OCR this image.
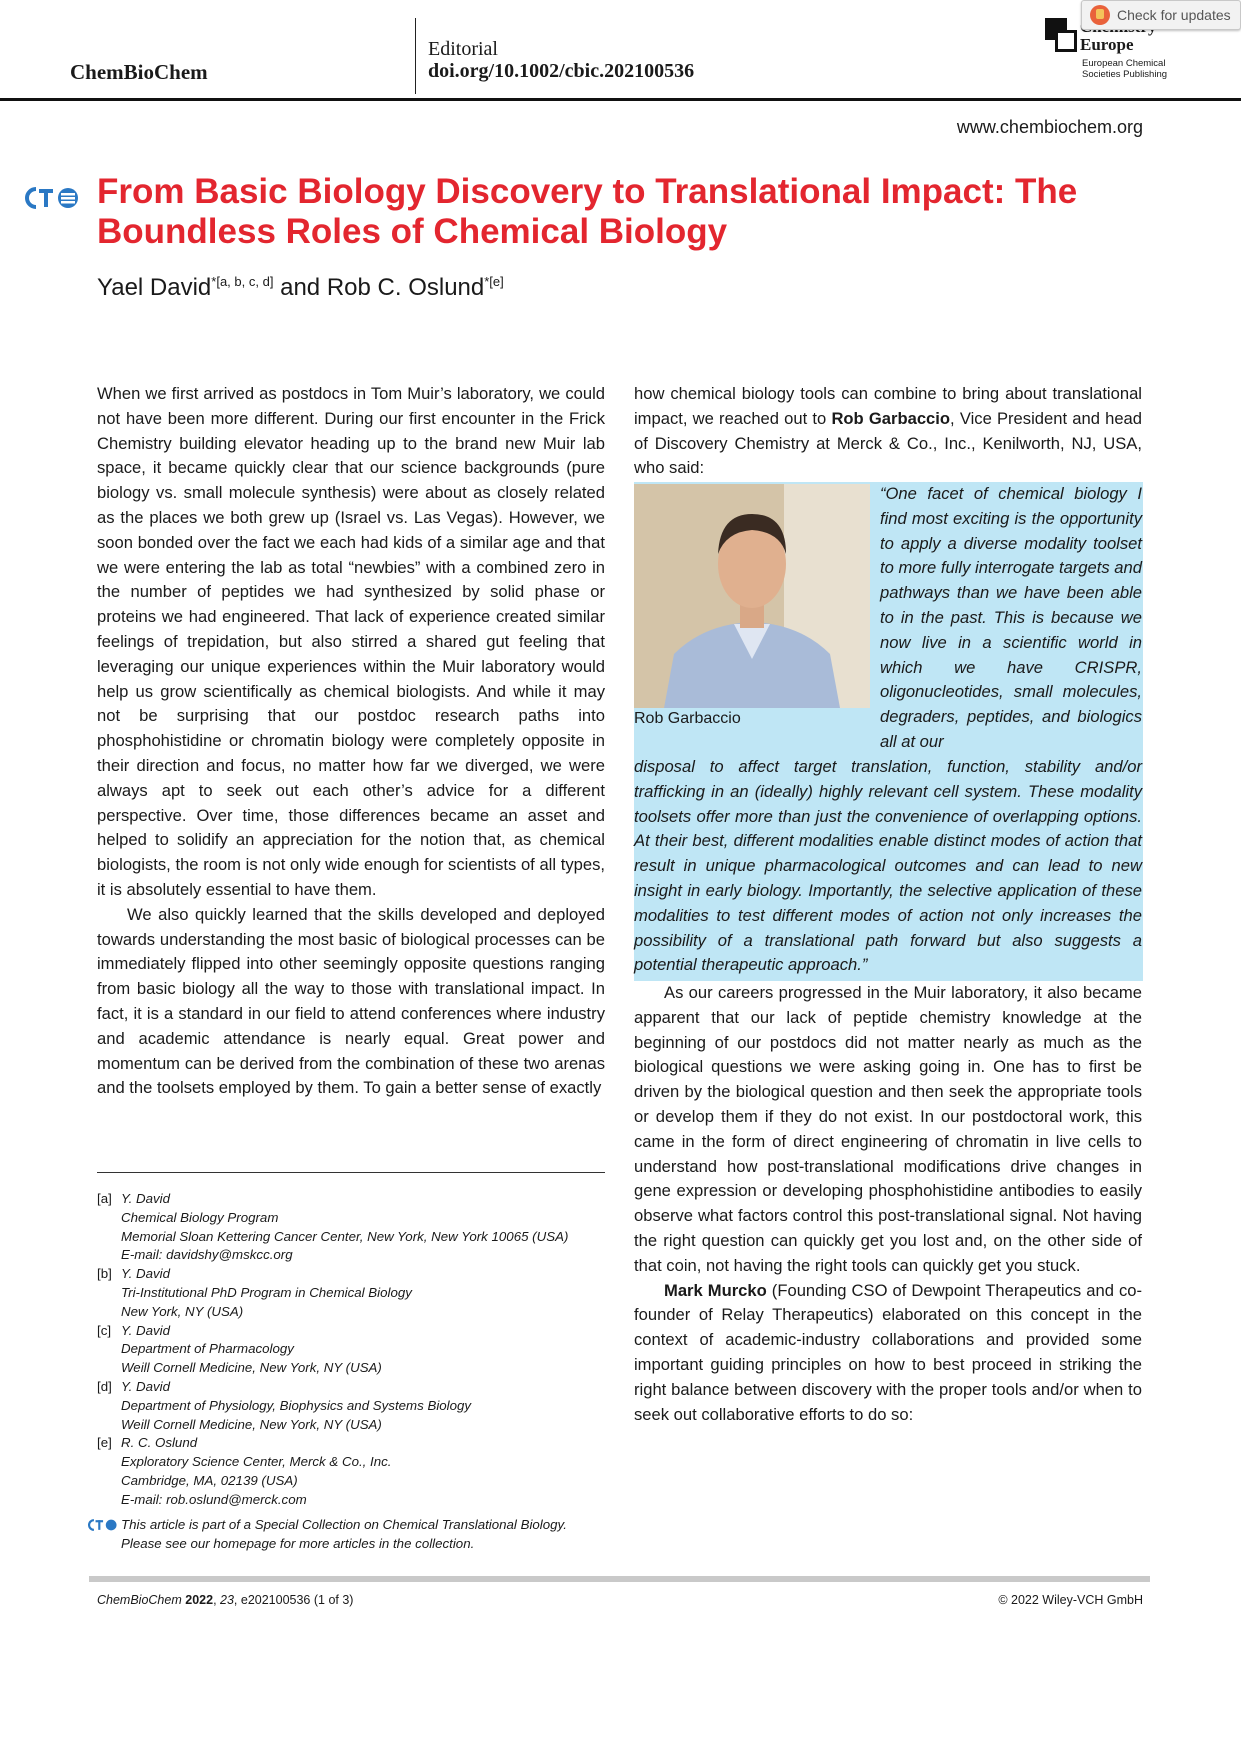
ChemBioChem
Editorial
doi.org/10.1002/cbic.202100536

Europe
European Chemical
Societies Publishing
Check for updates
www.chembiochem.org
From Basic Biology Discovery to Translational Impact: The Boundless Roles of Chemical Biology
Yael David$^{*[a, b, c, d]}$ and Rob C. Oslund$^{*[e]}$

When we first arrived as postdocs in Tom Muir’s laboratory, we could not have been more different. During our first encounter in the Frick Chemistry building elevator heading up to the brand new Muir lab space, it became quickly clear that our science backgrounds (pure biology vs. small molecule synthesis) were about as closely related as the places we both grew up (Israel vs. Las Vegas). However, we soon bonded over the fact we each had kids of a similar age and that we were entering the lab as total “newbies” with a combined zero in the number of peptides we had synthesized by solid phase or proteins we had engineered. That lack of experience created similar feelings of trepidation, but also stirred a shared gut feeling that leveraging our unique experiences within the Muir laboratory would help us grow scientifically as chemical biologists. And while it may not be surprising that our postdoc research paths into phosphohistidine or chromatin biology were completely opposite in their direction and focus, no matter how far we diverged, we were always apt to seek out each other’s advice for a different perspective. Over time, those differences became an asset and helped to solidify an appreciation for the notion that, as chemical biologists, the room is not only wide enough for scientists of all types, it is absolutely essential to have them.

We also quickly learned that the skills developed and deployed towards understanding the most basic of biological processes can be immediately flipped into other seemingly opposite questions ranging from basic biology all the way to those with translational impact. In fact, it is a standard in our field to attend conferences where industry and academic attendance is nearly equal. Great power and momentum can be derived from the combination of these two arenas and the toolsets employed by them. To gain a better sense of exactly

how chemical biology tools can combine to bring about translational impact, we reached out to Rob Garbaccio, Vice President and head of Discovery Chemistry at Merck & Co., Inc., Kenilworth, NJ, USA, who said:

Rob Garbaccio
“One facet of chemical biology I find most exciting is the opportunity to apply a diverse modality toolset to more fully interrogate targets and pathways than we have been able to in the past. This is because we now live in a scientific world in which we have CRISPR, oligonucleotides, small molecules, degraders, peptides, and biologics all at our
disposal to affect target translation, function, stability and/or trafficking in an (ideally) highly relevant cell system. These modality toolsets offer more than just the convenience of overlapping options. At their best, different modalities enable distinct modes of action that result in unique pharmacological outcomes and can lead to new insight in early biology. Importantly, the selective application of these modalities to test different modes of action not only increases the possibility of a translational path forward but also suggests a potential therapeutic approach.”

As our careers progressed in the Muir laboratory, it also became apparent that our lack of peptide chemistry knowledge at the beginning of our postdocs did not matter nearly as much as the biological questions we were asking going in. One has to first be driven by the biological question and then seek the appropriate tools or develop them if they do not exist. In our postdoctoral work, this came in the form of direct engineering of chromatin in live cells to understand how post-translational modifications drive changes in gene expression or developing phosphohistidine antibodies to easily observe what factors control this post-translational signal. Not having the right question can quickly get you lost and, on the other side of that coin, not having the right tools can quickly get you stuck.

Mark Murcko (Founding CSO of Dewpoint Therapeutics and co-founder of Relay Therapeutics) elaborated on this concept in the context of academic-industry collaborations and provided some important guiding principles on how to best proceed in striking the right balance between discovery with the proper tools and/or when to seek out collaborative efforts to do so:

[a] Y. David
Chemical Biology Program
Memorial Sloan Kettering Cancer Center, New York, New York 10065 (USA)
E-mail: davidshy@mskcc.org
[b] Y. David
Tri-Institutional PhD Program in Chemical Biology
New York, NY (USA)
[c] Y. David
Department of Pharmacology
Weill Cornell Medicine, New York, NY (USA)
[d] Y. David
Department of Physiology, Biophysics and Systems Biology
Weill Cornell Medicine, New York, NY (USA)
[e] R. C. Oslund
Exploratory Science Center, Merck & Co., Inc.
Cambridge, MA, 02139 (USA)
E-mail: rob.oslund@merck.com
This article is part of a Special Collection on Chemical Translational Biology.
Please see our homepage for more articles in the collection.
ChemBioChem 2022, 23, e202100536 (1 of 3)	© 2022 Wiley-VCH GmbH
